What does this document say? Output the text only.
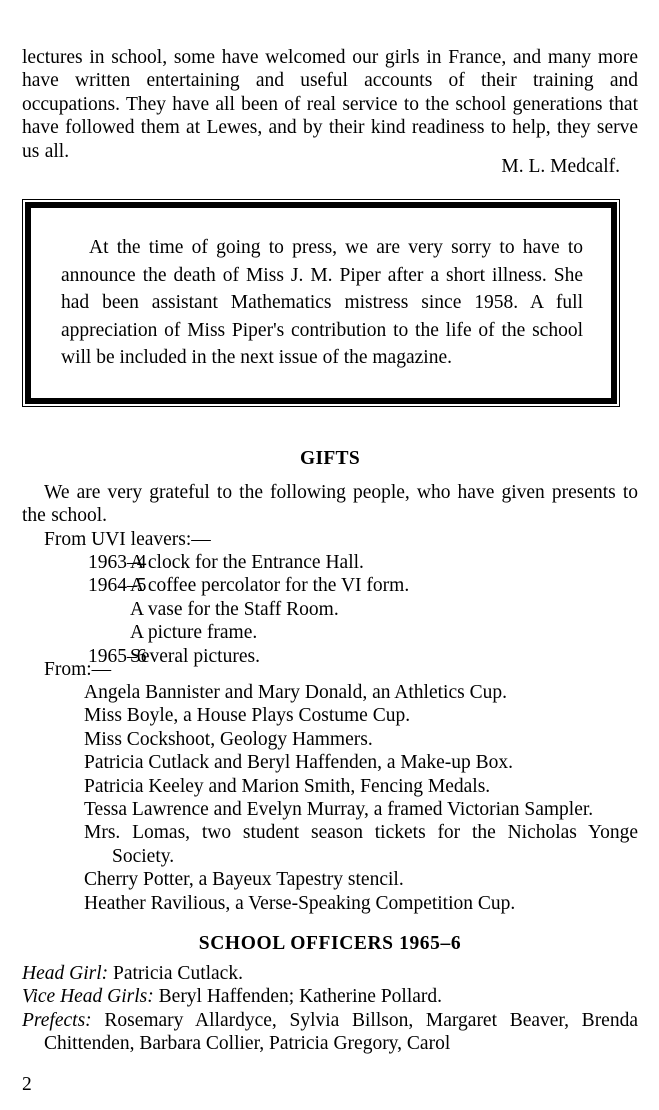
lectures in school, some have welcomed our girls in France, and many more have written entertaining and useful accounts of their training and occupations. They have all been of real service to the school generations that have followed them at Lewes, and by their kind readiness to help, they serve us all.

M. L. Medcalf.

At the time of going to press, we are very sorry to have to announce the death of Miss J. M. Piper after a short illness. She had been assistant Mathematics mistress since 1958. A full appreciation of Miss Piper's contribution to the life of the school will be included in the next issue of the magazine.

GIFTS

We are very grateful to the following people, who have given presents to the school.

From UVI leavers:—
1963–4
A clock for the Entrance Hall.
1964–5
A coffee percolator for the VI form.
A vase for the Staff Room.
A picture frame.
1965–6
Several pictures.
From:—

Angela Bannister and Mary Donald, an Athletics Cup.

Miss Boyle, a House Plays Costume Cup.

Miss Cockshoot, Geology Hammers.

Patricia Cutlack and Beryl Haffenden, a Make-up Box.

Patricia Keeley and Marion Smith, Fencing Medals.

Tessa Lawrence and Evelyn Murray, a framed Victorian Sampler.

Mrs. Lomas, two student season tickets for the Nicholas Yonge Society.

Cherry Potter, a Bayeux Tapestry stencil.

Heather Ravilious, a Verse-Speaking Competition Cup.

SCHOOL OFFICERS 1965–6

Head Girl: Patricia Cutlack.

Vice Head Girls: Beryl Haffenden; Katherine Pollard.

Prefects: Rosemary Allardyce, Sylvia Billson, Margaret Beaver, Brenda Chittenden, Barbara Collier, Patricia Gregory, Carol

2
